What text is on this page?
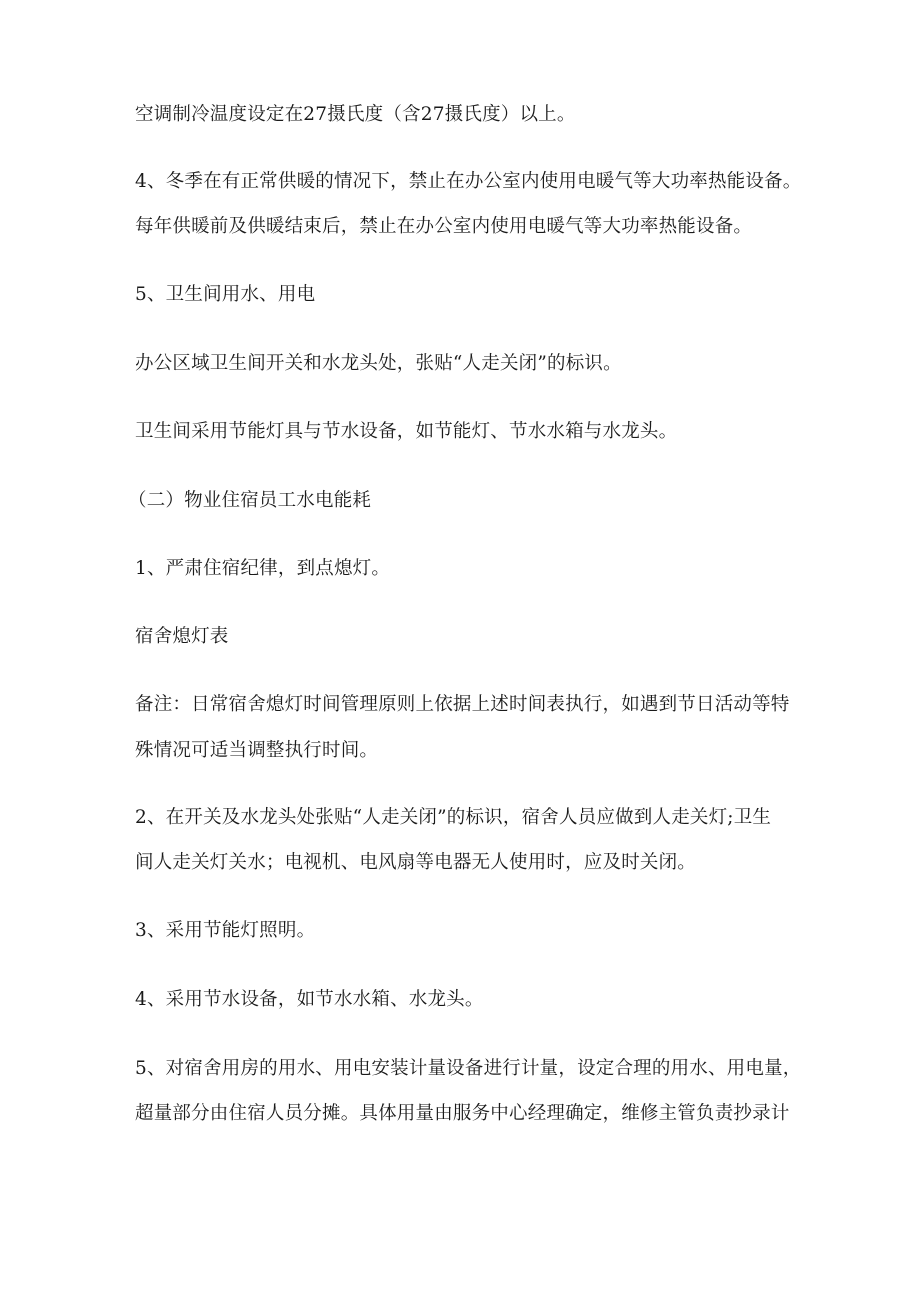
空调制冷温度设定在27摄氏度（含27摄氏度）以上。

4、冬季在有正常供暖的情况下，禁止在办公室内使用电暖气等大功率热能设备。

每年供暖前及供暖结束后，禁止在办公室内使用电暖气等大功率热能设备。

5、卫生间用水、用电

办公区域卫生间开关和水龙头处，张贴“人走关闭”的标识。

卫生间采用节能灯具与节水设备，如节能灯、节水水箱与水龙头。

（二）物业住宿员工水电能耗

1、严肃住宿纪律，到点熄灯。

宿舍熄灯表

备注：日常宿舍熄灯时间管理原则上依据上述时间表执行，如遇到节日活动等特

殊情况可适当调整执行时间。

2、在开关及水龙头处张贴“人走关闭”的标识，宿舍人员应做到人走关灯;卫生

间人走关灯关水；电视机、电风扇等电器无人使用时，应及时关闭。

3、采用节能灯照明。

4、采用节水设备，如节水水箱、水龙头。

5、对宿舍用房的用水、用电安装计量设备进行计量，设定合理的用水、用电量，

超量部分由住宿人员分摊。具体用量由服务中心经理确定，维修主管负责抄录计
